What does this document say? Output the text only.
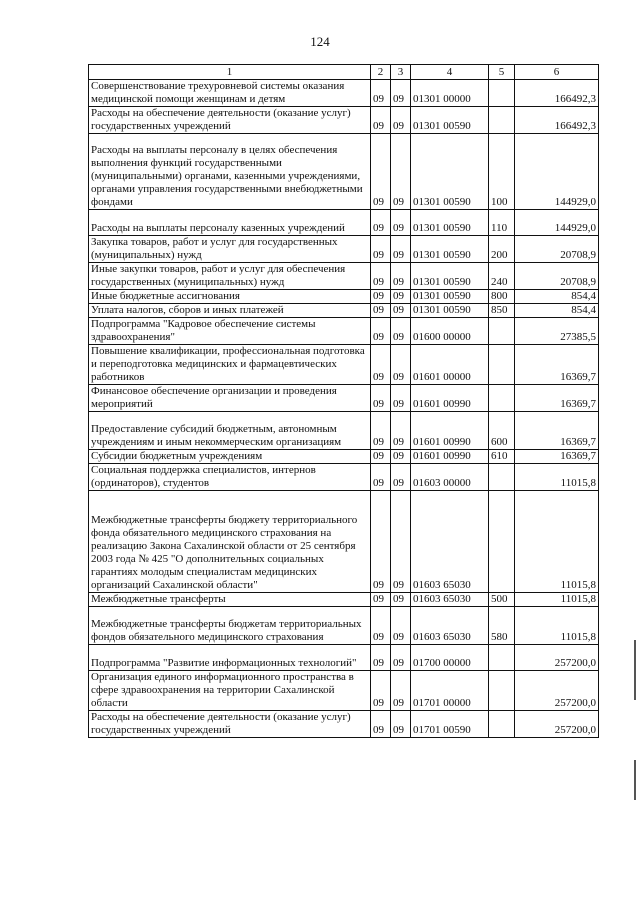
124
1	2	3	4	5	6
Совершенствование трехуровневой системы оказания медицинской помощи женщинам и детям	09	09	01301 00000		166492,3
Расходы на обеспечение деятельности (оказание услуг) государственных учреждений	09	09	01301 00590		166492,3
Расходы на выплаты персоналу в целях обеспечения выполнения функций государственными (муниципальными) органами, казенными учреждениями, органами управления государственными внебюджетными фондами	09	09	01301 00590	100	144929,0
Расходы на выплаты персоналу казенных учреждений	09	09	01301 00590	110	144929,0
Закупка товаров, работ и услуг для государственных (муниципальных) нужд	09	09	01301 00590	200	20708,9
Иные закупки товаров, работ и услуг для обеспечения государственных (муниципальных) нужд	09	09	01301 00590	240	20708,9
Иные бюджетные ассигнования	09	09	01301 00590	800	854,4
Уплата налогов, сборов и иных платежей	09	09	01301 00590	850	854,4
Подпрограмма "Кадровое обеспечение системы здравоохранения"	09	09	01600 00000		27385,5
Повышение квалификации, профессиональная подготовка и переподготовка медицинских и фармацевтических работников	09	09	01601 00000		16369,7
Финансовое обеспечение организации и проведения мероприятий	09	09	01601 00990		16369,7
Предоставление субсидий бюджетным, автономным учреждениям и иным некоммерческим организациям	09	09	01601 00990	600	16369,7
Субсидии бюджетным учреждениям	09	09	01601 00990	610	16369,7
Социальная поддержка специалистов, интернов (ординаторов), студентов	09	09	01603 00000		11015,8
Межбюджетные трансферты бюджету территориального фонда обязательного медицинского страхования на реализацию Закона Сахалинской области от 25 сентября 2003 года № 425 "О дополнительных социальных гарантиях молодым специалистам медицинских организаций Сахалинской области"	09	09	01603 65030		11015,8
Межбюджетные трансферты	09	09	01603 65030	500	11015,8
Межбюджетные трансферты бюджетам территориальных фондов обязательного медицинского страхования	09	09	01603 65030	580	11015,8
Подпрограмма "Развитие информационных технологий"	09	09	01700 00000		257200,0
Организация единого информационного пространства в сфере здравоохранения на территории Сахалинской области	09	09	01701 00000		257200,0
Расходы на обеспечение деятельности (оказание услуг) государственных учреждений	09	09	01701 00590		257200,0
